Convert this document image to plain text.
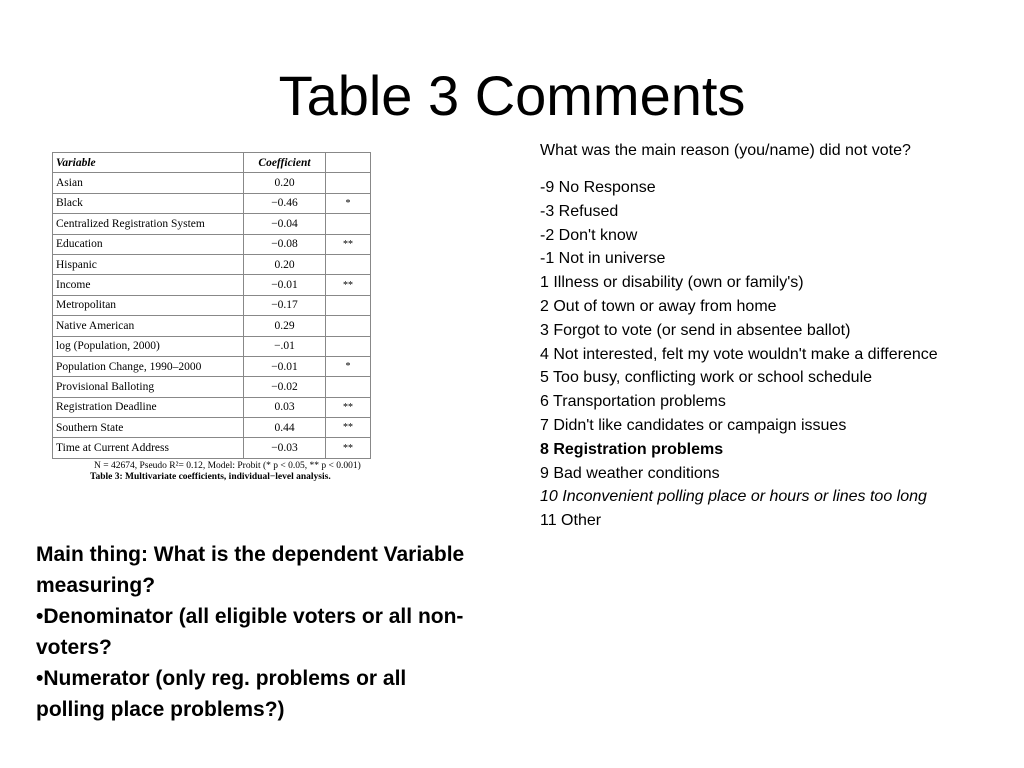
Table 3 Comments
Variable	Coefficient	
Asian	0.20	
Black	−0.46	*
Centralized Registration System	−0.04	
Education	−0.08	**
Hispanic	0.20	
Income	−0.01	**
Metropolitan	−0.17	
Native American	0.29	
log (Population, 2000)	−.01	
Population Change, 1990–2000	−0.01	*
Provisional Balloting	−0.02	
Registration Deadline	0.03	**
Southern State	0.44	**
Time at Current Address	−0.03	**
N = 42674, Pseudo R²= 0.12, Model: Probit (* p < 0.05, ** p < 0.001)
Table 3: Multivariate coefficients, individual−level analysis.

What was the main reason (you/name) did not vote?

-9 No Response
-3 Refused
-2 Don't know
-1 Not in universe
1 Illness or disability (own or family's)
2 Out of town or away from home
3 Forgot to vote (or send in absentee ballot)
4 Not interested, felt my vote wouldn't make a difference
5 Too busy, conflicting work or school schedule
6 Transportation problems
7 Didn't like candidates or campaign issues
8 Registration problems
9 Bad weather conditions
10 Inconvenient polling place or hours or lines too long
11 Other

Main thing: What is the dependent Variable measuring?

•Denominator (all eligible voters or all non-voters?

•Numerator (only reg. problems or all polling place problems?)
